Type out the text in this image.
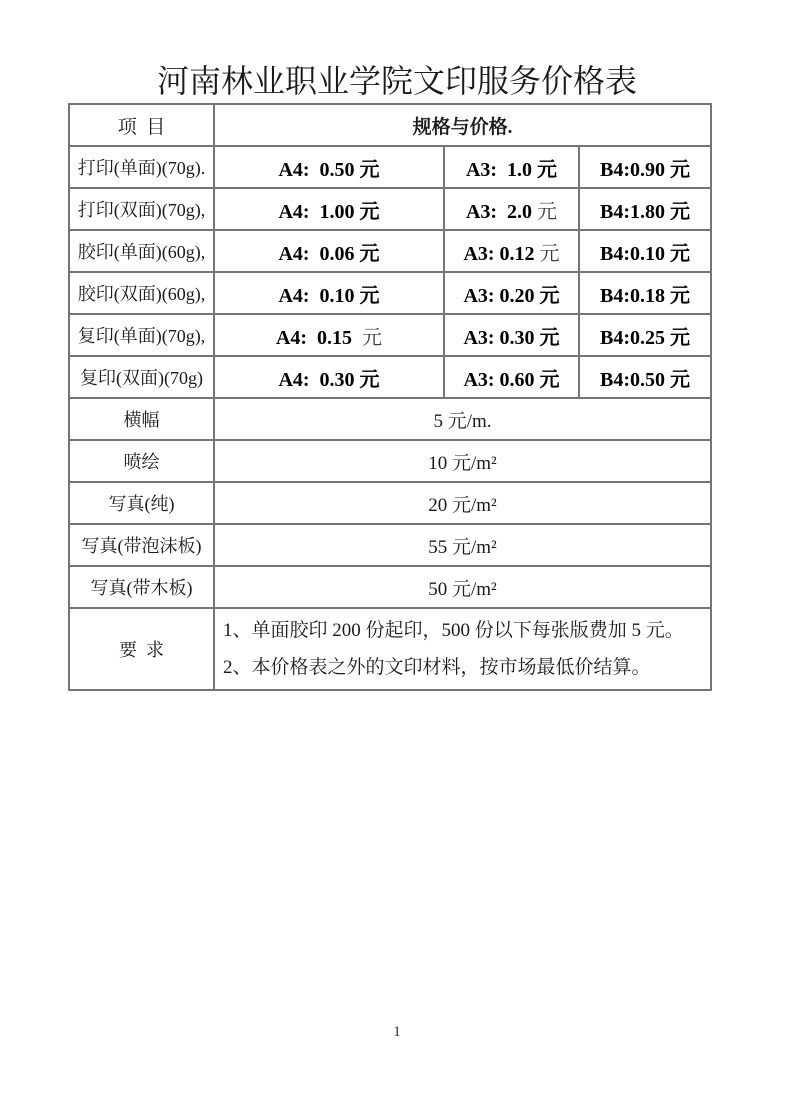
河南林业职业学院文印服务价格表
项  目	规格与价格.		
打印(单面)(70g).	A4:  0.50 元	A3:  1.0 元	B4:0.90 元
打印(双面)(70g),	A4:  1.00 元	A3:  2.0 元	B4:1.80 元
胶印(单面)(60g),	A4:  0.06 元	A3: 0.12 元	B4:0.10 元
胶印(双面)(60g),	A4:  0.10 元	A3: 0.20 元	B4:0.18 元
复印(单面)(70g),	A4:  0.15  元	A3: 0.30 元	B4:0.25 元
复印(双面)(70g)	A4:  0.30 元	A3: 0.60 元	B4:0.50 元
横幅	5 元/m.		
喷绘	10 元/m²		
写真(纯)	20 元/m²		
写真(带泡沫板)	55 元/m²		
写真(带木板)	50 元/m²		
要  求	1、单面胶印 200 份起印，500 份以下每张版费加 5 元。
2、本价格表之外的文印材料，按市场最低价结算。		
1
